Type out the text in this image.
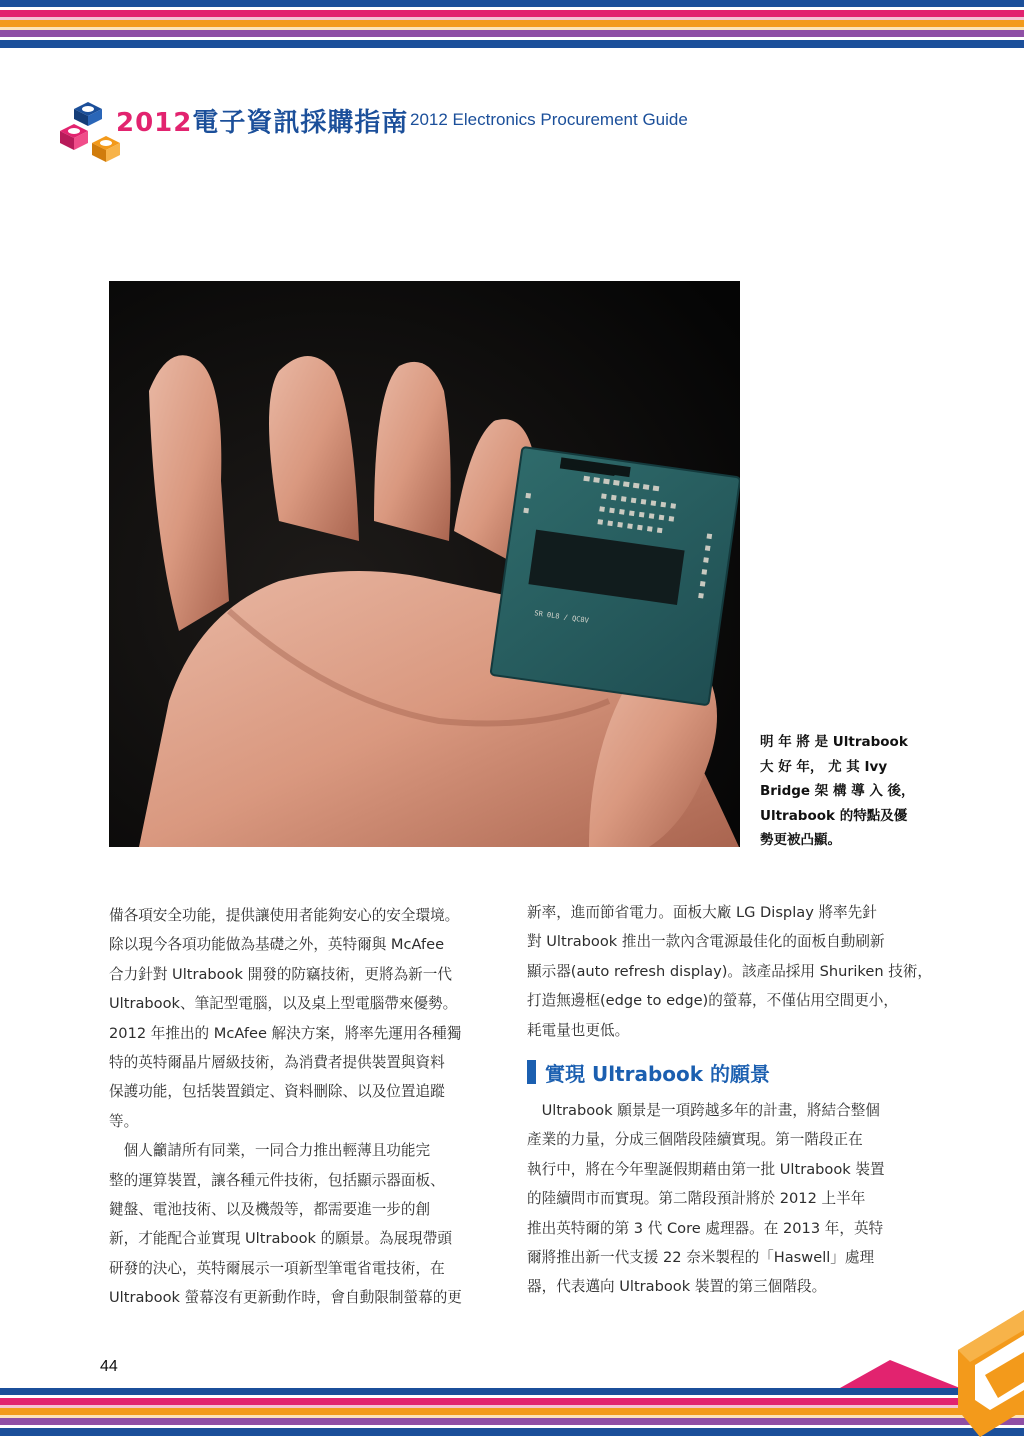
2012電子資訊採購指南 2012 Electronics Procurement Guide
SR 0L8 / QC8V
明 年 將 是 Ultrabook
大 好 年， 尤 其 Ivy
Bridge 架 構 導 入 後，
Ultrabook 的特點及優
勢更被凸顯。
備各項安全功能，提供讓使用者能夠安心的安全環境。
除以現今各項功能做為基礎之外，英特爾與 McAfee
合力針對 Ultrabook 開發的防竊技術，更將為新一代
Ultrabook、筆記型電腦，以及桌上型電腦帶來優勢。
2012 年推出的 McAfee 解決方案，將率先運用各種獨
特的英特爾晶片層級技術，為消費者提供裝置與資料
保護功能，包括裝置鎖定、資料刪除、以及位置追蹤
等。
　個人籲請所有同業，一同合力推出輕薄且功能完
整的運算裝置，讓各種元件技術，包括顯示器面板、
鍵盤、電池技術、以及機殼等，都需要進一步的創
新，才能配合並實現 Ultrabook 的願景。為展現帶頭
研發的決心，英特爾展示一項新型筆電省電技術，在
Ultrabook 螢幕沒有更新動作時，會自動限制螢幕的更
新率，進而節省電力。面板大廠 LG Display 將率先針
對 Ultrabook 推出一款內含電源最佳化的面板自動刷新
顯示器(auto refresh display)。該產品採用 Shuriken 技術，
打造無邊框(edge to edge)的螢幕，不僅佔用空間更小，
耗電量也更低。
實現 Ultrabook 的願景
　Ultrabook 願景是一項跨越多年的計畫，將結合整個
產業的力量，分成三個階段陸續實現。第一階段正在
執行中，將在今年聖誕假期藉由第一批 Ultrabook 裝置
的陸續問市而實現。第二階段預計將於 2012 上半年
推出英特爾的第 3 代 Core 處理器。在 2013 年，英特
爾將推出新一代支援 22 奈米製程的「Haswell」處理
器，代表邁向 Ultrabook 裝置的第三個階段。
44
